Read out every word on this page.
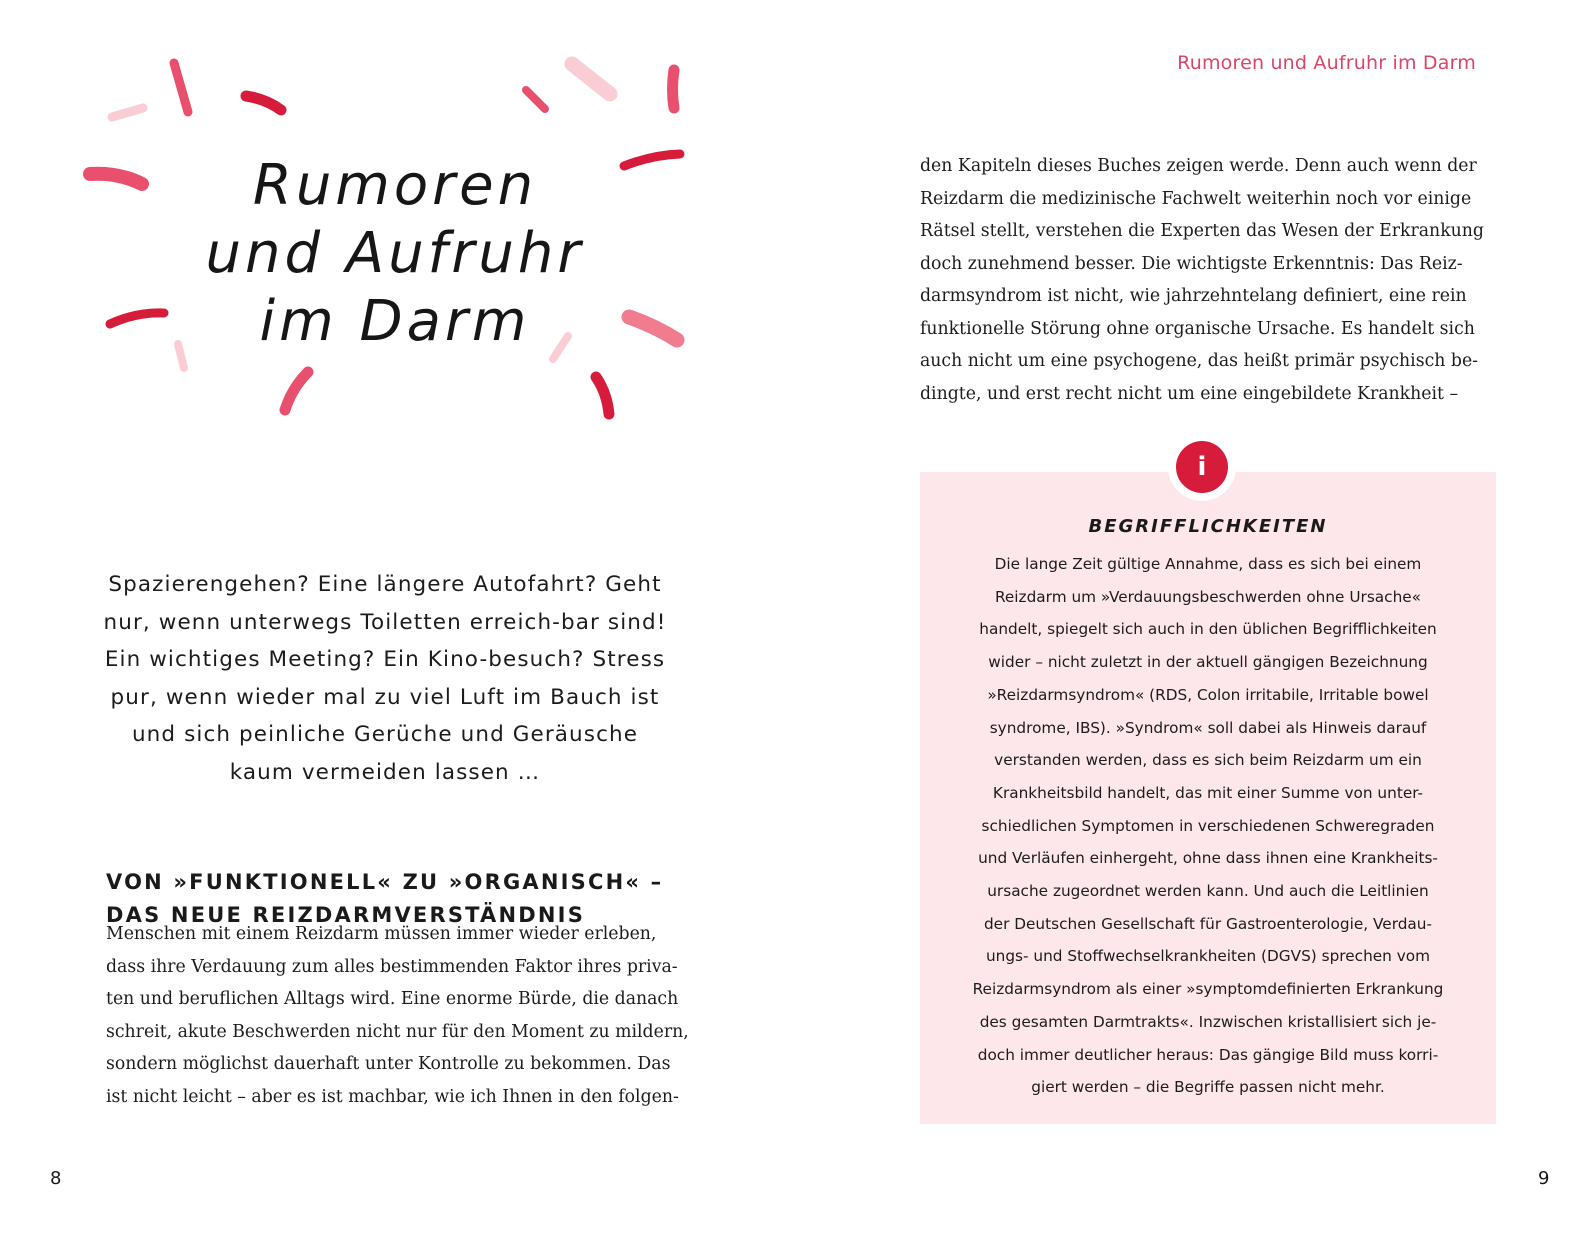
Rumoren und Aufruhr im Darm

Rumoren
und Aufruhr
im Darm

Spazierengehen? Eine längere Autofahrt? Geht nur, wenn unterwegs Toiletten erreich-bar sind! Ein wichtiges Meeting? Ein Kino-besuch? Stress pur, wenn wieder mal zu viel Luft im Bauch ist und sich peinliche Gerüche und Geräusche kaum vermeiden lassen …

VON »FUNKTIONELL« ZU »ORGANISCH« –
DAS NEUE REIZDARMVERSTÄNDNIS
Menschen mit einem Reizdarm müssen immer wieder erleben,
dass ihre Verdauung zum alles bestimmenden Faktor ihres priva-
ten und beruflichen Alltags wird. Eine enorme Bürde, die danach
schreit, akute Beschwerden nicht nur für den Moment zu mildern,
sondern möglichst dauerhaft unter Kontrolle zu bekommen. Das
ist nicht leicht – aber es ist machbar, wie ich Ihnen in den folgen-
den Kapiteln dieses Buches zeigen werde. Denn auch wenn der
Reizdarm die medizinische Fachwelt weiterhin noch vor einige
Rätsel stellt, verstehen die Experten das Wesen der Erkrankung
doch zunehmend besser. Die wichtigste Erkenntnis: Das Reiz-
darmsyndrom ist nicht, wie jahrzehntelang definiert, eine rein
funktionelle Störung ohne organische Ursache. Es handelt sich
auch nicht um eine psychogene, das heißt primär psychisch be-
dingte, und erst recht nicht um eine eingebildete Krankheit –
i
BEGRIFFLICHKEITEN
Die lange Zeit gültige Annahme, dass es sich bei einem
Reizdarm um »Verdauungsbeschwerden ohne Ursache«
handelt, spiegelt sich auch in den üblichen Begrifflichkeiten
wider – nicht zuletzt in der aktuell gängigen Bezeichnung
»Reizdarmsyndrom« (RDS, Colon irritabile, Irritable bowel
syndrome, IBS). »Syndrom« soll dabei als Hinweis darauf
verstanden werden, dass es sich beim Reizdarm um ein
Krankheitsbild handelt, das mit einer Summe von unter-
schiedlichen Symptomen in verschiedenen Schweregraden
und Verläufen einhergeht, ohne dass ihnen eine Krankheits-
ursache zugeordnet werden kann. Und auch die Leitlinien
der Deutschen Gesellschaft für Gastroenterologie, Verdau-
ungs- und Stoffwechselkrankheiten (DGVS) sprechen vom
Reizdarmsyndrom als einer »symptomdefinierten Erkrankung
des gesamten Darmtrakts«. Inzwischen kristallisiert sich je-
doch immer deutlicher heraus: Das gängige Bild muss korri-
giert werden – die Begriffe passen nicht mehr.

8	9
